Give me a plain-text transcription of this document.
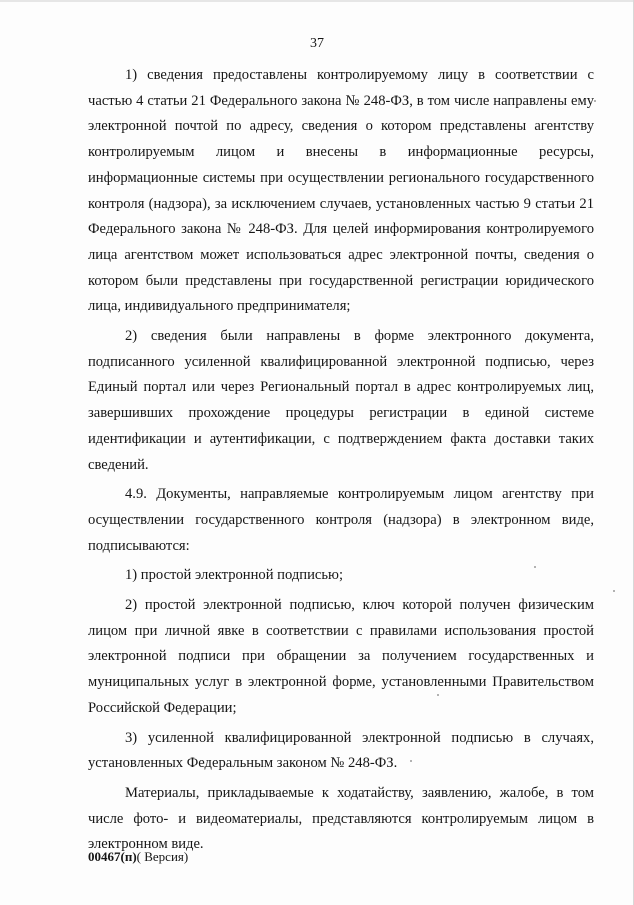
37

1) сведения предоставлены контролируемому лицу в соответствии с частью 4 статьи 21 Федерального закона № 248-ФЗ, в том числе направлены ему электронной почтой по адресу, сведения о котором представлены агентству контролируемым лицом и внесены в информационные ресурсы, информационные системы при осуществлении регионального государственного контроля (надзора), за исключением случаев, установленных частью 9 статьи 21 Федерального закона № 248-ФЗ. Для целей информирования контролируемого лица агентством может использоваться адрес электронной почты, сведения о котором были представлены при государственной регистрации юридического лица, индивидуального предпринимателя;

2) сведения были направлены в форме электронного документа, подписанного усиленной квалифицированной электронной подписью, через Единый портал или через Региональный портал в адрес контролируемых лиц, завершивших прохождение процедуры регистрации в единой системе идентификации и аутентификации, с подтверждением факта доставки таких сведений.

4.9. Документы, направляемые контролируемым лицом агентству при осуществлении государственного контроля (надзора) в электронном виде, подписываются:

1) простой электронной подписью;

2) простой электронной подписью, ключ которой получен физическим лицом при личной явке в соответствии с правилами использования простой электронной подписи при обращении за получением государственных и муниципальных услуг в электронной форме, установленными Правительством Российской Федерации;

3) усиленной квалифицированной электронной подписью в случаях, установленных Федеральным законом № 248-ФЗ.

Материалы, прикладываемые к ходатайству, заявлению, жалобе, в том числе фото- и видеоматериалы, представляются контролируемым лицом в электронном виде.

00467(п)( Версия)
